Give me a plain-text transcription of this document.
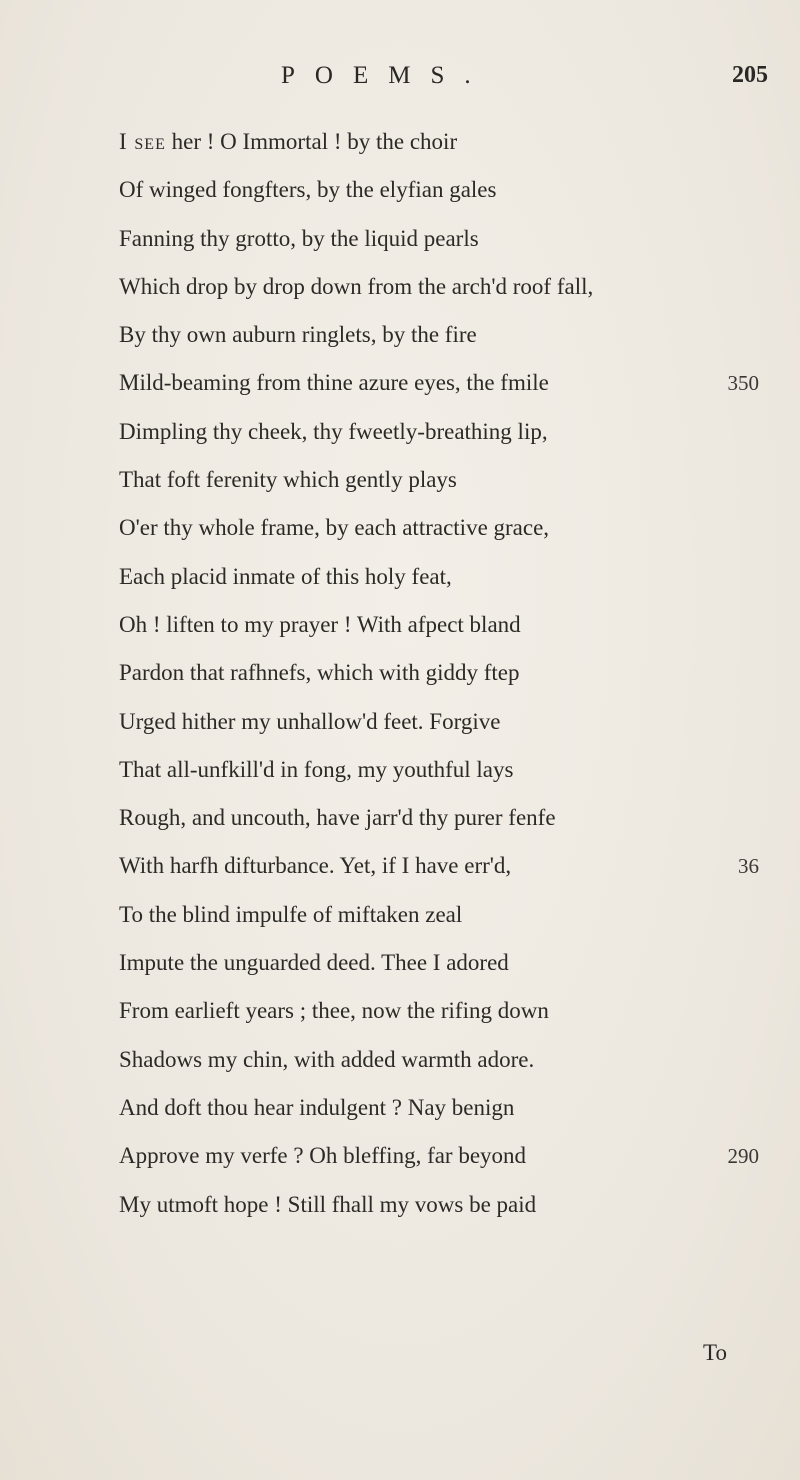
POEMS.	205
I see her ! O Immortal ! by the choir
Of winged fongfters, by the elyfian gales
Fanning thy grotto, by the liquid pearls
Which drop by drop down from the arch'd roof fall,
By thy own auburn ringlets, by the fire
Mild-beaming from thine azure eyes, the fmile	350
Dimpling thy cheek, thy fweetly-breathing lip,
That foft ferenity which gently plays
O'er thy whole frame, by each attractive grace,
Each placid inmate of this holy feat,
Oh ! liften to my prayer ! With afpect bland
Pardon that rafhnefs, which with giddy ftep
Urged hither my unhallow'd feet. Forgive
That all-unfkill'd in fong, my youthful lays
Rough, and uncouth, have jarr'd thy purer fenfe
With harfh difturbance. Yet, if I have err'd,	36
To the blind impulfe of miftaken zeal
Impute the unguarded deed. Thee I adored
From earlieft years ; thee, now the rifing down
Shadows my chin, with added warmth adore.
And doft thou hear indulgent ? Nay benign
Approve my verfe ? Oh bleffing, far beyond	290
My utmoft hope ! Still fhall my vows be paid
To
